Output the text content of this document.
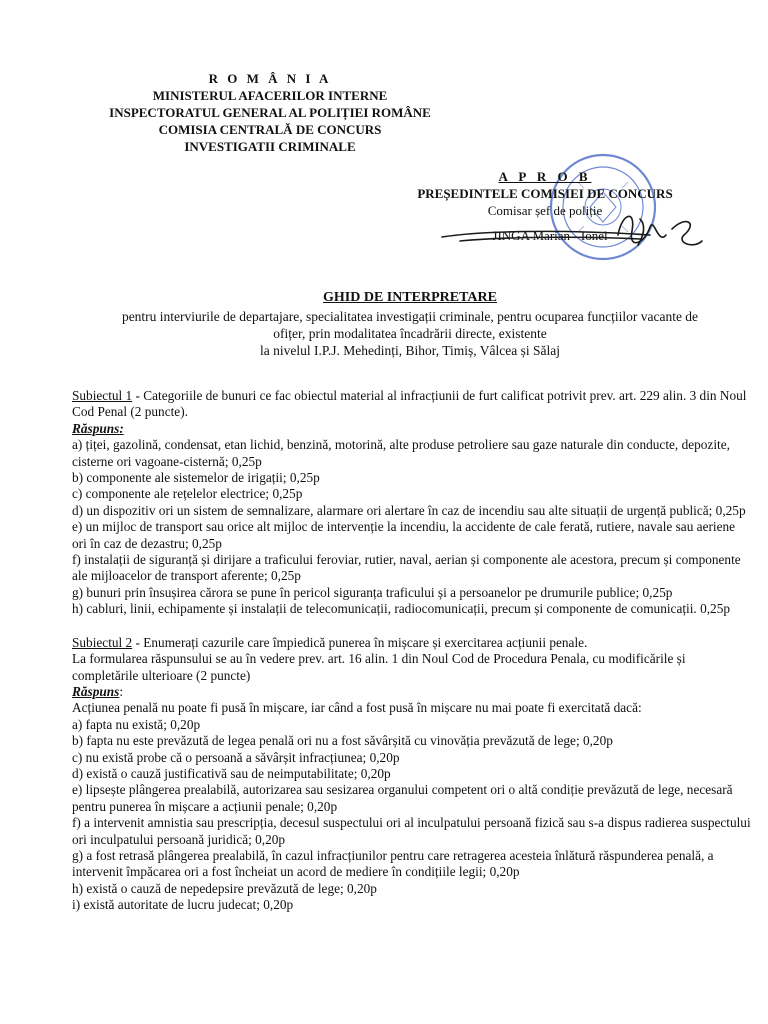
R O M Â N I A
MINISTERUL AFACERILOR INTERNE
INSPECTORATUL GENERAL AL POLIȚIEI ROMÂNE
COMISIA CENTRALĂ DE CONCURS
INVESTIGATII CRIMINALE
A P R O B
PREȘEDINTELE COMISIEI DE CONCURS
Comisar șef de poliție
JINGA Marian - Ionel
GHID DE INTERPRETARE
pentru interviurile de departajare, specialitatea investigații criminale, pentru ocuparea funcțiilor vacante de
ofițer, prin modalitatea încadrării directe, existente
la nivelul I.P.J. Mehedinți, Bihor, Timiș, Vâlcea și Sălaj

Subiectul 1 - Categoriile de bunuri ce fac obiectul material al infracțiunii de furt calificat potrivit prev. art. 229 alin. 3 din Noul Cod Penal (2 puncte).

Răspuns:

a) țiței, gazolină, condensat, etan lichid, benzină, motorină, alte produse petroliere sau gaze naturale din conducte, depozite, cisterne ori vagoane-cisternă; 0,25p

b) componente ale sistemelor de irigații; 0,25p

c) componente ale rețelelor electrice; 0,25p

d) un dispozitiv ori un sistem de semnalizare, alarmare ori alertare în caz de incendiu sau alte situații de urgență publică; 0,25p

e) un mijloc de transport sau orice alt mijloc de intervenție la incendiu, la accidente de cale ferată, rutiere, navale sau aeriene ori în caz de dezastru; 0,25p

f) instalații de siguranță și dirijare a traficului feroviar, rutier, naval, aerian și componente ale acestora, precum și componente ale mijloacelor de transport aferente; 0,25p

g) bunuri prin însușirea cărora se pune în pericol siguranța traficului și a persoanelor pe drumurile publice; 0,25p

h) cabluri, linii, echipamente și instalații de telecomunicații, radiocomunicații, precum și componente de comunicații. 0,25p

Subiectul 2 - Enumerați cazurile care împiedică punerea în mișcare și exercitarea acțiunii penale.

La formularea răspunsului se au în vedere prev. art. 16 alin. 1 din Noul Cod de Procedura Penala, cu modificările și completările ulterioare (2 puncte)

Răspuns:

Acțiunea penală nu poate fi pusă în mișcare, iar când a fost pusă în mișcare nu mai poate fi exercitată dacă:

a) fapta nu există; 0,20p

b) fapta nu este prevăzută de legea penală ori nu a fost săvârșită cu vinovăția prevăzută de lege; 0,20p

c) nu există probe că o persoană a săvârșit infracțiunea; 0,20p

d) există o cauză justificativă sau de neimputabilitate; 0,20p

e) lipsește plângerea prealabilă, autorizarea sau sesizarea organului competent ori o altă condiție prevăzută de lege, necesară pentru punerea în mișcare a acțiunii penale; 0,20p

f) a intervenit amnistia sau prescripția, decesul suspectului ori al inculpatului persoană fizică sau s-a dispus radierea suspectului ori inculpatului persoană juridică; 0,20p

g) a fost retrasă plângerea prealabilă, în cazul infracțiunilor pentru care retragerea acesteia înlătură răspunderea penală, a intervenit împăcarea ori a fost încheiat un acord de mediere în condițiile legii; 0,20p

h) există o cauză de nepedepsire prevăzută de lege; 0,20p

i) există autoritate de lucru judecat; 0,20p
